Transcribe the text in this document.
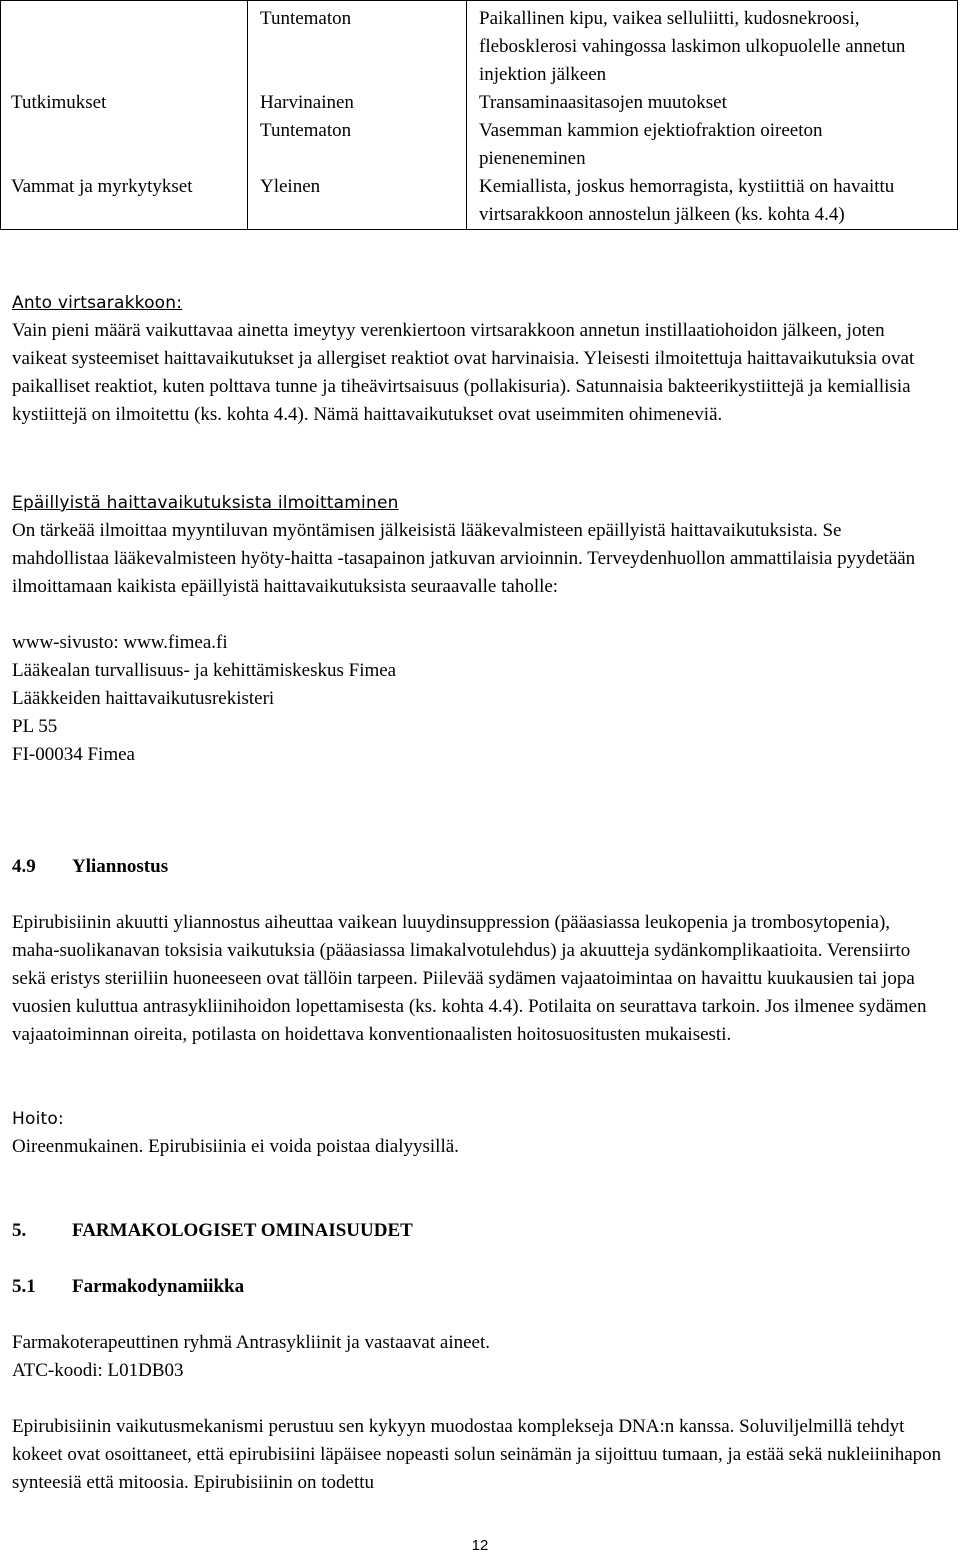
	Tuntematon	Paikallinen kipu, vaikea selluliitti, kudosnekroosi, flebosklerosi vahingossa laskimon ulkopuolelle annetun injektion jälkeen

Tutkimukset	Harvinainen	Transaminaasitasojen muutokset

	Tuntematon	Vasemman kammion ejektiofraktion oireeton pieneneminen

Vammat ja myrkytykset	Yleinen	Kemiallista, joskus hemorragista, kystiittiä on havaittu virtsarakkoon annostelun jälkeen (ks. kohta 4.4)
Anto virtsarakkoon:
Vain pieni määrä vaikuttavaa ainetta imeytyy verenkiertoon virtsarakkoon annetun instillaatiohoidon jälkeen, joten vaikeat systeemiset haittavaikutukset ja allergiset reaktiot ovat harvinaisia. Yleisesti ilmoitettuja haittavaikutuksia ovat paikalliset reaktiot, kuten polttava tunne ja tiheävirtsaisuus (pollakisuria). Satunnaisia bakteerikystiittejä ja kemiallisia kystiittejä on ilmoitettu (ks. kohta 4.4). Nämä haittavaikutukset ovat useimmiten ohimeneviä.
Epäillyistä haittavaikutuksista ilmoittaminen
On tärkeää ilmoittaa myyntiluvan myöntämisen jälkeisistä lääkevalmisteen epäillyistä haittavaikutuksista. Se mahdollistaa lääkevalmisteen hyöty-haitta -tasapainon jatkuvan arvioinnin. Terveydenhuollon ammattilaisia pyydetään ilmoittamaan kaikista epäillyistä haittavaikutuksista seuraavalle taholle:
www-sivusto: www.fimea.fi
Lääkealan turvallisuus- ja kehittämiskeskus Fimea
Lääkkeiden haittavaikutusrekisteri
PL 55
FI-00034 Fimea
4.9 Yliannostus
Epirubisiinin akuutti yliannostus aiheuttaa vaikean luuydinsuppression (pääasiassa leukopenia ja trombosytopenia), maha-suolikanavan toksisia vaikutuksia (pääasiassa limakalvotulehdus) ja akuutteja sydänkomplikaatioita. Verensiirto sekä eristys steriiliin huoneeseen ovat tällöin tarpeen. Piilevää sydämen vajaatoimintaa on havaittu kuukausien tai jopa vuosien kuluttua antrasykliinihoidon lopettamisesta (ks. kohta 4.4). Potilaita on seurattava tarkoin. Jos ilmenee sydämen vajaatoiminnan oireita, potilasta on hoidettava konventionaalisten hoitosuositusten mukaisesti.
Hoito:
Oireenmukainen. Epirubisiinia ei voida poistaa dialyysillä.
5. FARMAKOLOGISET OMINAISUUDET
5.1 Farmakodynamiikka
Farmakoterapeuttinen ryhmä Antrasykliinit ja vastaavat aineet.
ATC-koodi: L01DB03
Epirubisiinin vaikutusmekanismi perustuu sen kykyyn muodostaa komplekseja DNA:n kanssa. Soluviljelmillä tehdyt kokeet ovat osoittaneet, että epirubisiini läpäisee nopeasti solun seinämän ja sijoittuu tumaan, ja estää sekä nukleiinihapon synteesiä että mitoosia. Epirubisiinin on todettu
12
